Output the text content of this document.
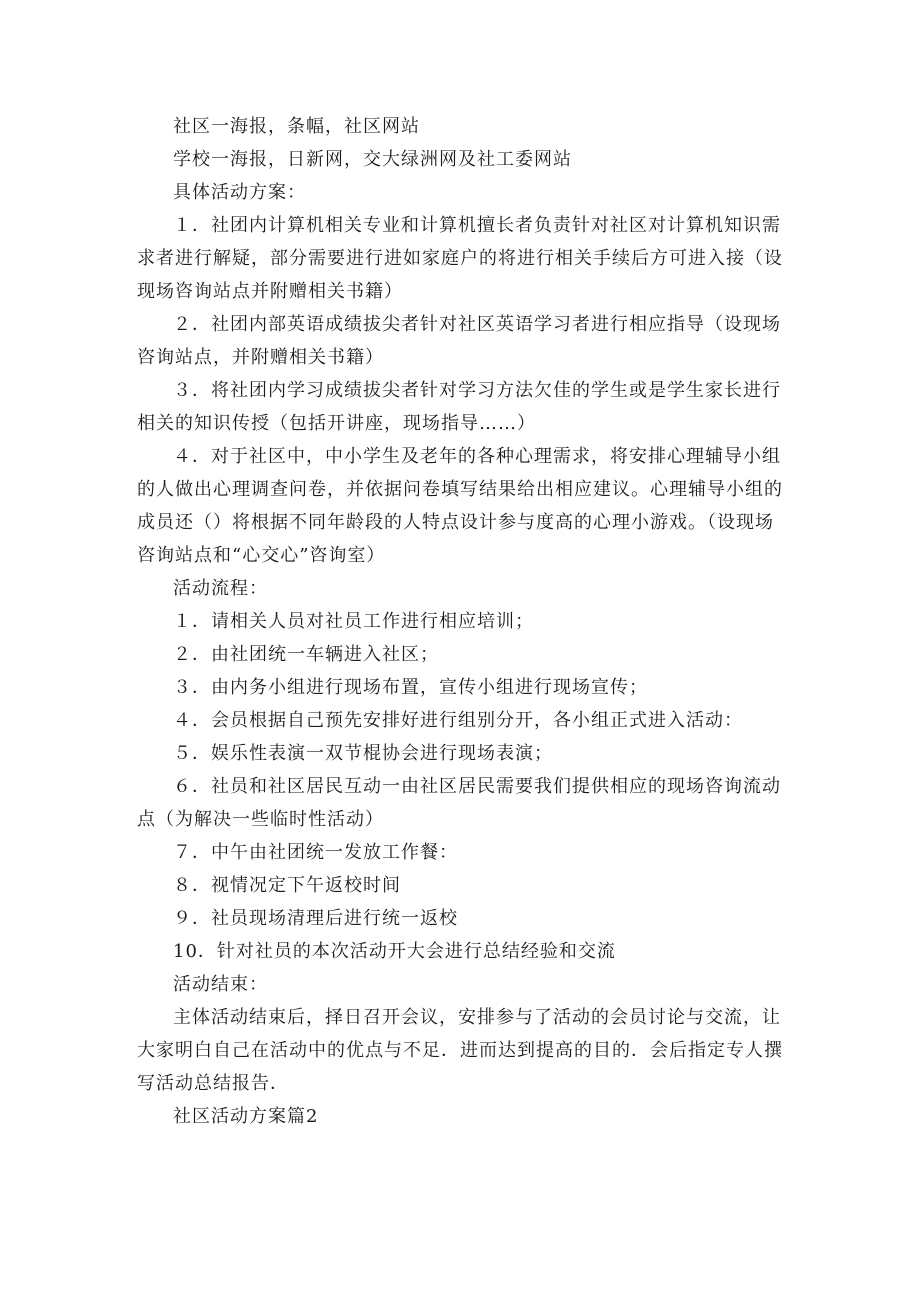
社区一海报，条幅，社区网站

学校一海报，日新网，交大绿洲网及社工委网站

具体活动方案：

１．社团内计算机相关专业和计算机擅长者负责针对社区对计算机知识需求者进行解疑，部分需要进行进如家庭户的将进行相关手续后方可进入接（设现场咨询站点并附赠相关书籍）

２．社团内部英语成绩拔尖者针对社区英语学习者进行相应指导（设现场咨询站点，并附赠相关书籍）

３．将社团内学习成绩拔尖者针对学习方法欠佳的学生或是学生家长进行相关的知识传授（包括开讲座，现场指导……）

４．对于社区中，中小学生及老年的各种心理需求，将安排心理辅导小组的人做出心理调查问卷，并依据问卷填写结果给出相应建议。心理辅导小组的成员还（）将根据不同年龄段的人特点设计参与度高的心理小游戏。（设现场咨询站点和“心交心”咨询室）

活动流程：

１．请相关人员对社员工作进行相应培训；

２．由社团统一车辆进入社区；

３．由内务小组进行现场布置，宣传小组进行现场宣传；

４．会员根据自己预先安排好进行组别分开，各小组正式进入活动：

５．娱乐性表演一双节棍协会进行现场表演；

６．社员和社区居民互动一由社区居民需要我们提供相应的现场咨询流动点（为解决一些临时性活动）

７．中午由社团统一发放工作餐：

８．视情况定下午返校时间

９．社员现场清理后进行统一返校

10．针对社员的本次活动开大会进行总结经验和交流

活动结束：

主体活动结束后，择日召开会议，安排参与了活动的会员讨论与交流，让大家明白自己在活动中的优点与不足．进而达到提高的目的．会后指定专人撰写活动总结报告．

社区活动方案篇2
